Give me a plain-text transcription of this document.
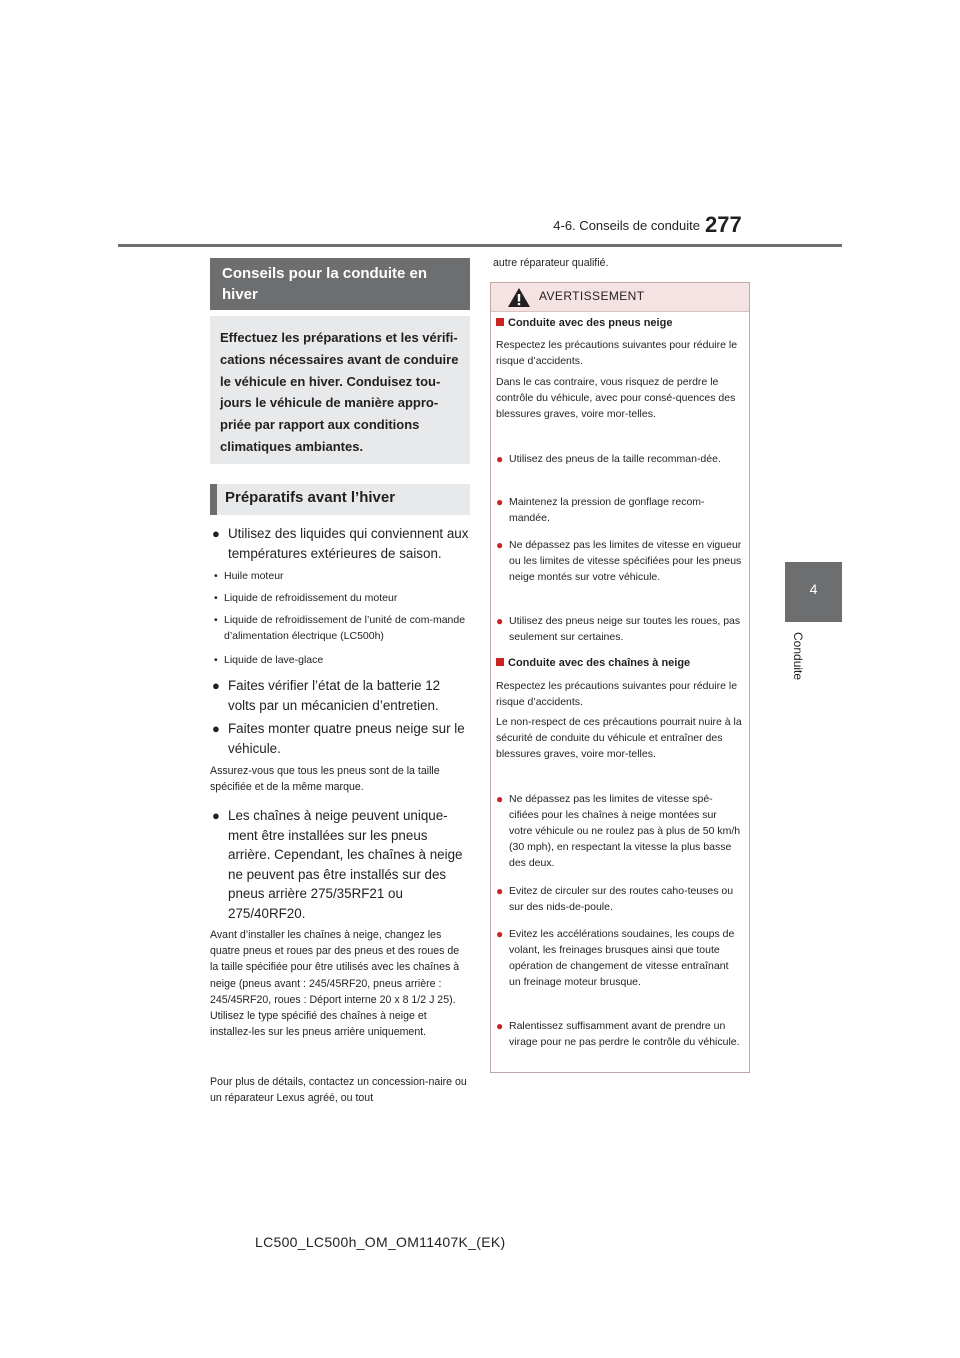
4-6. Conseils de conduite 277
4
Conduite
Conseils pour la conduite en hiver
Effectuez les préparations et les vérifi-cations nécessaires avant de conduire le véhicule en hiver. Conduisez tou-jours le véhicule de manière appro-priée par rapport aux conditions climatiques ambiantes.
Préparatifs avant l’hiver
● Utilisez des liquides qui conviennent aux températures extérieures de saison.
• Huile moteur
• Liquide de refroidissement du moteur
• Liquide de refroidissement de l’unité de com-mande d’alimentation électrique (LC500h)
• Liquide de lave-glace
● Faites vérifier l’état de la batterie 12 volts par un mécanicien d’entretien.
● Faites monter quatre pneus neige sur le véhicule.
Assurez-vous que tous les pneus sont de la taille spécifiée et de la même marque.
● Les chaînes à neige peuvent unique-ment être installées sur les pneus arrière. Cependant, les chaînes à neige ne peuvent pas être installés sur des pneus arrière 275/35RF21 ou 275/40RF20.
Avant d’installer les chaînes à neige, changez les quatre pneus et roues par des pneus et des roues de la taille spécifiée pour être utilisés avec les chaînes à neige (pneus avant : 245/45RF20, pneus arrière : 245/45RF20, roues : Déport interne 20 x 8 1/2 J 25). Utilisez le type spécifié des chaînes à neige et installez-les sur les pneus arrière uniquement.
Pour plus de détails, contactez un concession-naire ou un réparateur Lexus agréé, ou tout
autre réparateur qualifié.
AVERTISSEMENT
Conduite avec des pneus neige
Respectez les précautions suivantes pour réduire le risque d’accidents.
Dans le cas contraire, vous risquez de perdre le contrôle du véhicule, avec pour consé-quences des blessures graves, voire mor-telles.
● Utilisez des pneus de la taille recomman-dée.
● Maintenez la pression de gonflage recom-mandée.
● Ne dépassez pas les limites de vitesse en vigueur ou les limites de vitesse spécifiées pour les pneus neige montés sur votre véhicule.
● Utilisez des pneus neige sur toutes les roues, pas seulement sur certaines.
Conduite avec des chaînes à neige
Respectez les précautions suivantes pour réduire le risque d’accidents.
Le non-respect de ces précautions pourrait nuire à la sécurité de conduite du véhicule et entraîner des blessures graves, voire mor-telles.
● Ne dépassez pas les limites de vitesse spé-cifiées pour les chaînes à neige montées sur votre véhicule ou ne roulez pas à plus de 50 km/h (30 mph), en respectant la vitesse la plus basse des deux.
● Evitez de circuler sur des routes caho-teuses ou sur des nids-de-poule.
● Evitez les accélérations soudaines, les coups de volant, les freinages brusques ainsi que toute opération de changement de vitesse entraînant un freinage moteur brusque.
● Ralentissez suffisamment avant de prendre un virage pour ne pas perdre le contrôle du véhicule.
LC500_LC500h_OM_OM11407K_(EK)
